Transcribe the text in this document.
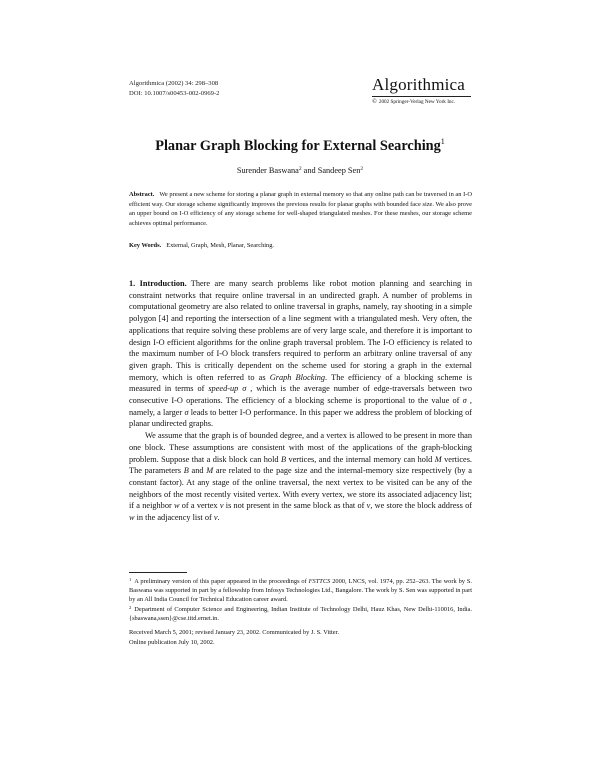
Algorithmica (2002) 34: 298–308
DOI: 10.1007/s00453-002-0969-2	Algorithmica
© 2002 Springer-Verlag New York Inc.
Planar Graph Blocking for External Searching$^1$
Surender Baswana$^2$ and Sandeep Sen$^2$
Abstract. We present a new scheme for storing a planar graph in external memory so that any online path can be traversed in an I-O efficient way. Our storage scheme significantly improves the previous results for planar graphs with bounded face size. We also prove an upper bound on I-O efficiency of any storage scheme for well-shaped triangulated meshes. For these meshes, our storage scheme achieves optimal performance.
Key Words. External, Graph, Mesh, Planar, Searching.

1. Introduction. There are many search problems like robot motion planning and searching in constraint networks that require online traversal in an undirected graph. A number of problems in computational geometry are also related to online traversal in graphs, namely, ray shooting in a simple polygon [4] and reporting the intersection of a line segment with a triangulated mesh. Very often, the applications that require solving these problems are of very large scale, and therefore it is important to design I-O efficient algorithms for the online graph traversal problem. The I-O efficiency is related to the maximum number of I-O block transfers required to perform an arbitrary online traversal of any given graph. This is critically dependent on the scheme used for storing a graph in the external memory, which is often referred to as Graph Blocking. The efficiency of a blocking scheme is measured in terms of speed-up σ , which is the average number of edge-traversals between two consecutive I-O operations. The efficiency of a blocking scheme is proportional to the value of σ , namely, a larger σ leads to better I-O performance. In this paper we address the problem of blocking of planar undirected graphs.

We assume that the graph is of bounded degree, and a vertex is allowed to be present in more than one block. These assumptions are consistent with most of the applications of the graph-blocking problem. Suppose that a disk block can hold B vertices, and the internal memory can hold M vertices. The parameters B and M are related to the page size and the internal-memory size respectively (by a constant factor). At any stage of the online traversal, the next vertex to be visited can be any of the neighbors of the most recently visited vertex. With every vertex, we store its associated adjacency list; if a neighbor w of a vertex v is not present in the same block as that of v, we store the block address of w in the adjacency list of v.

$^1$ A preliminary version of this paper appeared in the proceedings of FSTTCS 2000, LNCS, vol. 1974, pp. 252–263. The work by S. Baswana was supported in part by a fellowship from Infosys Technologies Ltd., Bangalore. The work by S. Sen was supported in part by an All India Council for Technical Education career award.

$^2$ Department of Computer Science and Engineering, Indian Institute of Technology Delhi, Hauz Khas, New Delhi-110016, India. {sbaswana,ssen}@cse.iitd.ernet.in.

Received March 5, 2001; revised January 23, 2002. Communicated by J. S. Vitter.
Online publication July 10, 2002.
